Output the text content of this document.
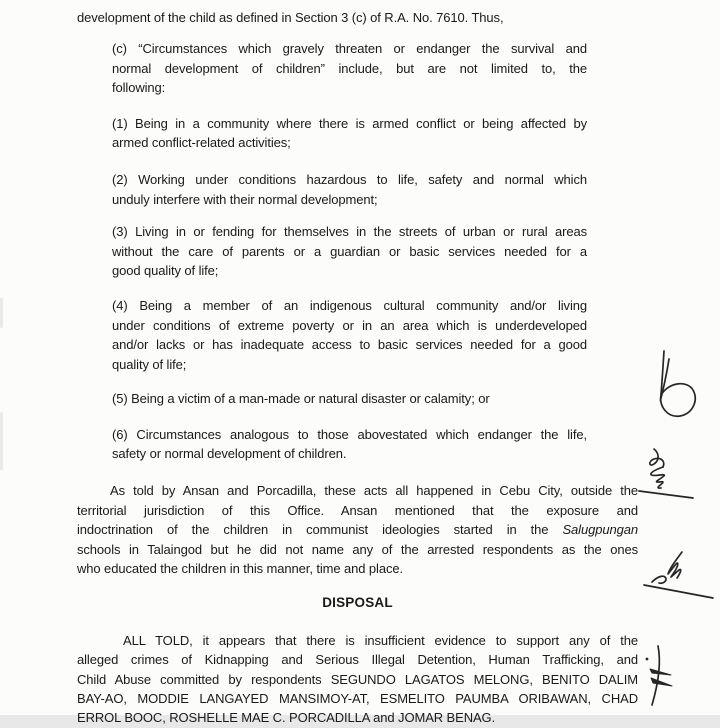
development of the child as defined in Section 3 (c) of R.A. No. 7610. Thus,
(c) “Circumstances which gravely threaten or endanger the survival and
normal development of children” include, but are not limited to, the
following:
(1) Being in a community where there is armed conflict or being affected by
armed conflict-related activities;
(2) Working under conditions hazardous to life, safety and normal which
unduly interfere with their normal development;
(3) Living in or fending for themselves in the streets of urban or rural areas
without the care of parents or a guardian or basic services needed for a
good quality of life;
(4) Being a member of an indigenous cultural community and/or living
under conditions of extreme poverty or in an area which is underdeveloped
and/or lacks or has inadequate access to basic services needed for a good
quality of life;
(5) Being a victim of a man-made or natural disaster or calamity; or
(6) Circumstances analogous to those abovestated which endanger the life,
safety or normal development of children.
As told by Ansan and Porcadilla, these acts all happened in Cebu City, outside the
territorial jurisdiction of this Office. Ansan mentioned that the exposure and
indoctrination of the children in communist ideologies started in the Salugpungan
schools in Talaingod but he did not name any of the arrested respondents as the ones
who educated the children in this manner, time and place.
DISPOSAL
ALL TOLD, it appears that there is insufficient evidence to support any of the
alleged crimes of Kidnapping and Serious Illegal Detention, Human Trafficking, and
Child Abuse committed by respondents SEGUNDO LAGATOS MELONG, BENITO DALIM
BAY-AO, MODDIE LANGAYED MANSIMOY-AT, ESMELITO PAUMBA ORIBAWAN, CHAD
ERROL BOOC, ROSHELLE MAE C. PORCADILLA and JOMAR BENAG.
